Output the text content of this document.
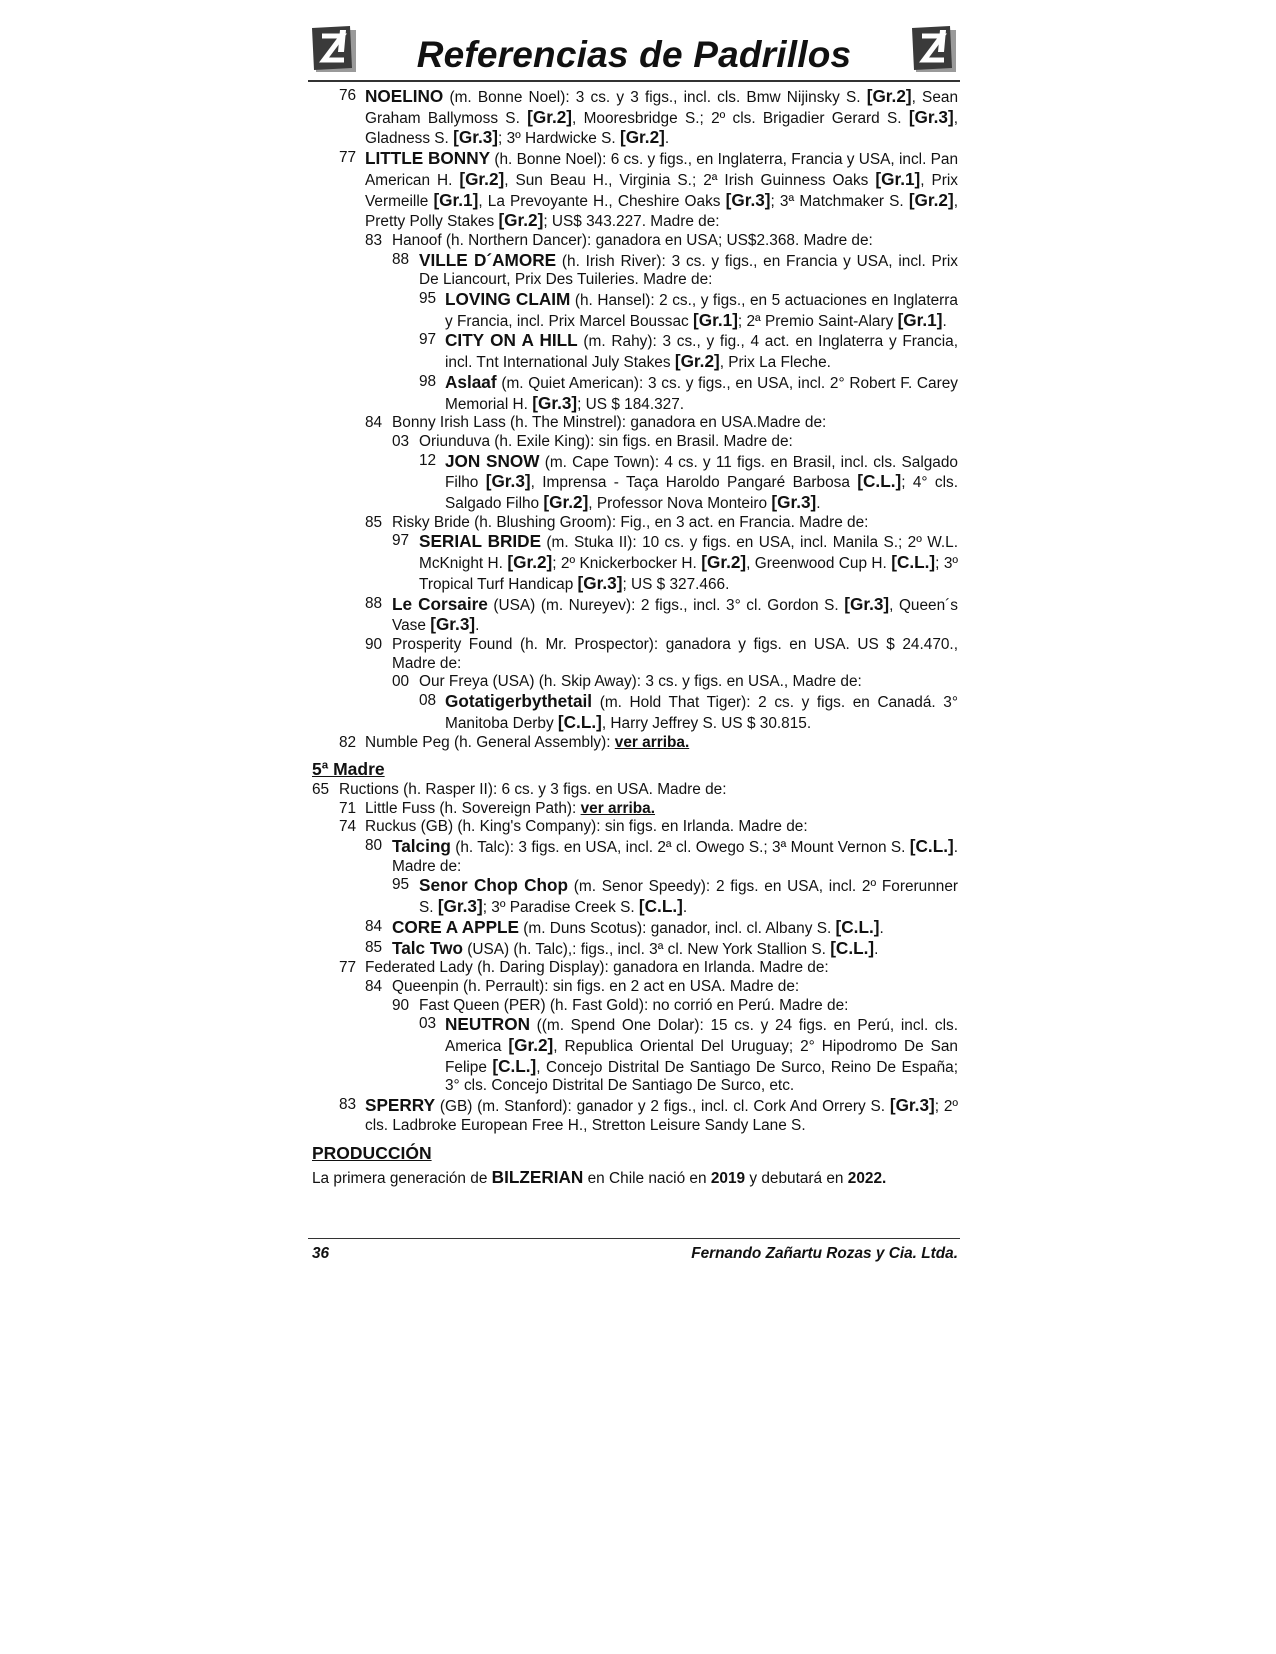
Referencias de Padrillos

76 NOELINO (m. Bonne Noel): 3 cs. y 3 figs., incl. cls. Bmw Nijinsky S. [Gr.2], Sean Graham Ballymoss S. [Gr.2], Mooresbridge S.; 2º cls. Brigadier Gerard S. [Gr.3], Gladness S. [Gr.3]; 3º Hardwicke S. [Gr.2].

77 LITTLE BONNY (h. Bonne Noel): 6 cs. y figs., en Inglaterra, Francia y USA, incl. Pan American H. [Gr.2], Sun Beau H., Virginia S.; 2ª Irish Guinness Oaks [Gr.1], Prix Vermeille [Gr.1], La Prevoyante H., Cheshire Oaks [Gr.3]; 3ª Matchmaker S. [Gr.2], Pretty Polly Stakes [Gr.2]; US$ 343.227. Madre de:

83 Hanoof (h. Northern Dancer): ganadora en USA; US$2.368. Madre de:

88 VILLE D´AMORE (h. Irish River): 3 cs. y figs., en Francia y USA, incl. Prix De Liancourt, Prix Des Tuileries. Madre de:

95 LOVING CLAIM (h. Hansel): 2 cs., y figs., en 5 actuaciones en Inglaterra y Francia, incl. Prix Marcel Boussac [Gr.1]; 2ª Premio Saint-Alary [Gr.1].

97 CITY ON A HILL (m. Rahy): 3 cs., y fig., 4 act. en Inglaterra y Francia, incl. Tnt International July Stakes [Gr.2], Prix La Fleche.

98 Aslaaf (m. Quiet American): 3 cs. y figs., en USA, incl. 2° Robert F. Carey Memorial H. [Gr.3]; US $ 184.327.

84 Bonny Irish Lass (h. The Minstrel): ganadora en USA.Madre de:

03 Oriunduva (h. Exile King): sin figs. en Brasil. Madre de:

12 JON SNOW (m. Cape Town): 4 cs. y 11 figs. en Brasil, incl. cls. Salgado Filho [Gr.3], Imprensa - Taça Haroldo Pangaré Barbosa [C.L.]; 4° cls. Salgado Filho [Gr.2], Professor Nova Monteiro [Gr.3].

85 Risky Bride (h. Blushing Groom): Fig., en 3 act. en Francia. Madre de:

97 SERIAL BRIDE (m. Stuka II): 10 cs. y figs. en USA, incl. Manila S.; 2º W.L. McKnight H. [Gr.2]; 2º Knickerbocker H. [Gr.2], Greenwood Cup H. [C.L.]; 3º Tropical Turf Handicap [Gr.3]; US $ 327.466.

88 Le Corsaire (USA) (m. Nureyev): 2 figs., incl. 3° cl. Gordon S. [Gr.3], Queen´s Vase [Gr.3].

90 Prosperity Found (h. Mr. Prospector): ganadora y figs. en USA. US $ 24.470., Madre de:

00 Our Freya (USA) (h. Skip Away): 3 cs. y figs. en USA., Madre de:

08 Gotatigerbythetail (m. Hold That Tiger): 2 cs. y figs. en Canadá. 3° Manitoba Derby [C.L.], Harry Jeffrey S. US $ 30.815.

82 Numble Peg (h. General Assembly): ver arriba.

5ª Madre

65 Ructions (h. Rasper II): 6 cs. y 3 figs. en USA. Madre de:

71 Little Fuss (h. Sovereign Path): ver arriba.

74 Ruckus (GB) (h. King's Company): sin figs. en Irlanda. Madre de:

80 Talcing (h. Talc): 3 figs. en USA, incl. 2ª cl. Owego S.; 3ª Mount Vernon S. [C.L.]. Madre de:

95 Senor Chop Chop (m. Senor Speedy): 2 figs. en USA, incl. 2º Forerunner S. [Gr.3]; 3º Paradise Creek S. [C.L.].

84 CORE A APPLE (m. Duns Scotus): ganador, incl. cl. Albany S. [C.L.].

85 Talc Two (USA) (h. Talc),: figs., incl. 3ª cl. New York Stallion S. [C.L.].

77 Federated Lady (h. Daring Display): ganadora en Irlanda. Madre de:

84 Queenpin (h. Perrault): sin figs. en 2 act en USA. Madre de:

90 Fast Queen (PER) (h. Fast Gold): no corrió en Perú. Madre de:

03 NEUTRON ((m. Spend One Dolar): 15 cs. y 24 figs. en Perú, incl. cls. America [Gr.2], Republica Oriental Del Uruguay; 2° Hipodromo De San Felipe [C.L.], Concejo Distrital De Santiago De Surco, Reino De España; 3° cls. Concejo Distrital De Santiago De Surco, etc.

83 SPERRY (GB) (m. Stanford): ganador y 2 figs., incl. cl. Cork And Orrery S. [Gr.3]; 2º cls. Ladbroke European Free H., Stretton Leisure Sandy Lane S.

PRODUCCIÓN

La primera generación de BILZERIAN en Chile nació en 2019 y debutará en 2022.

36	Fernando Zañartu Rozas y Cia. Ltda.
